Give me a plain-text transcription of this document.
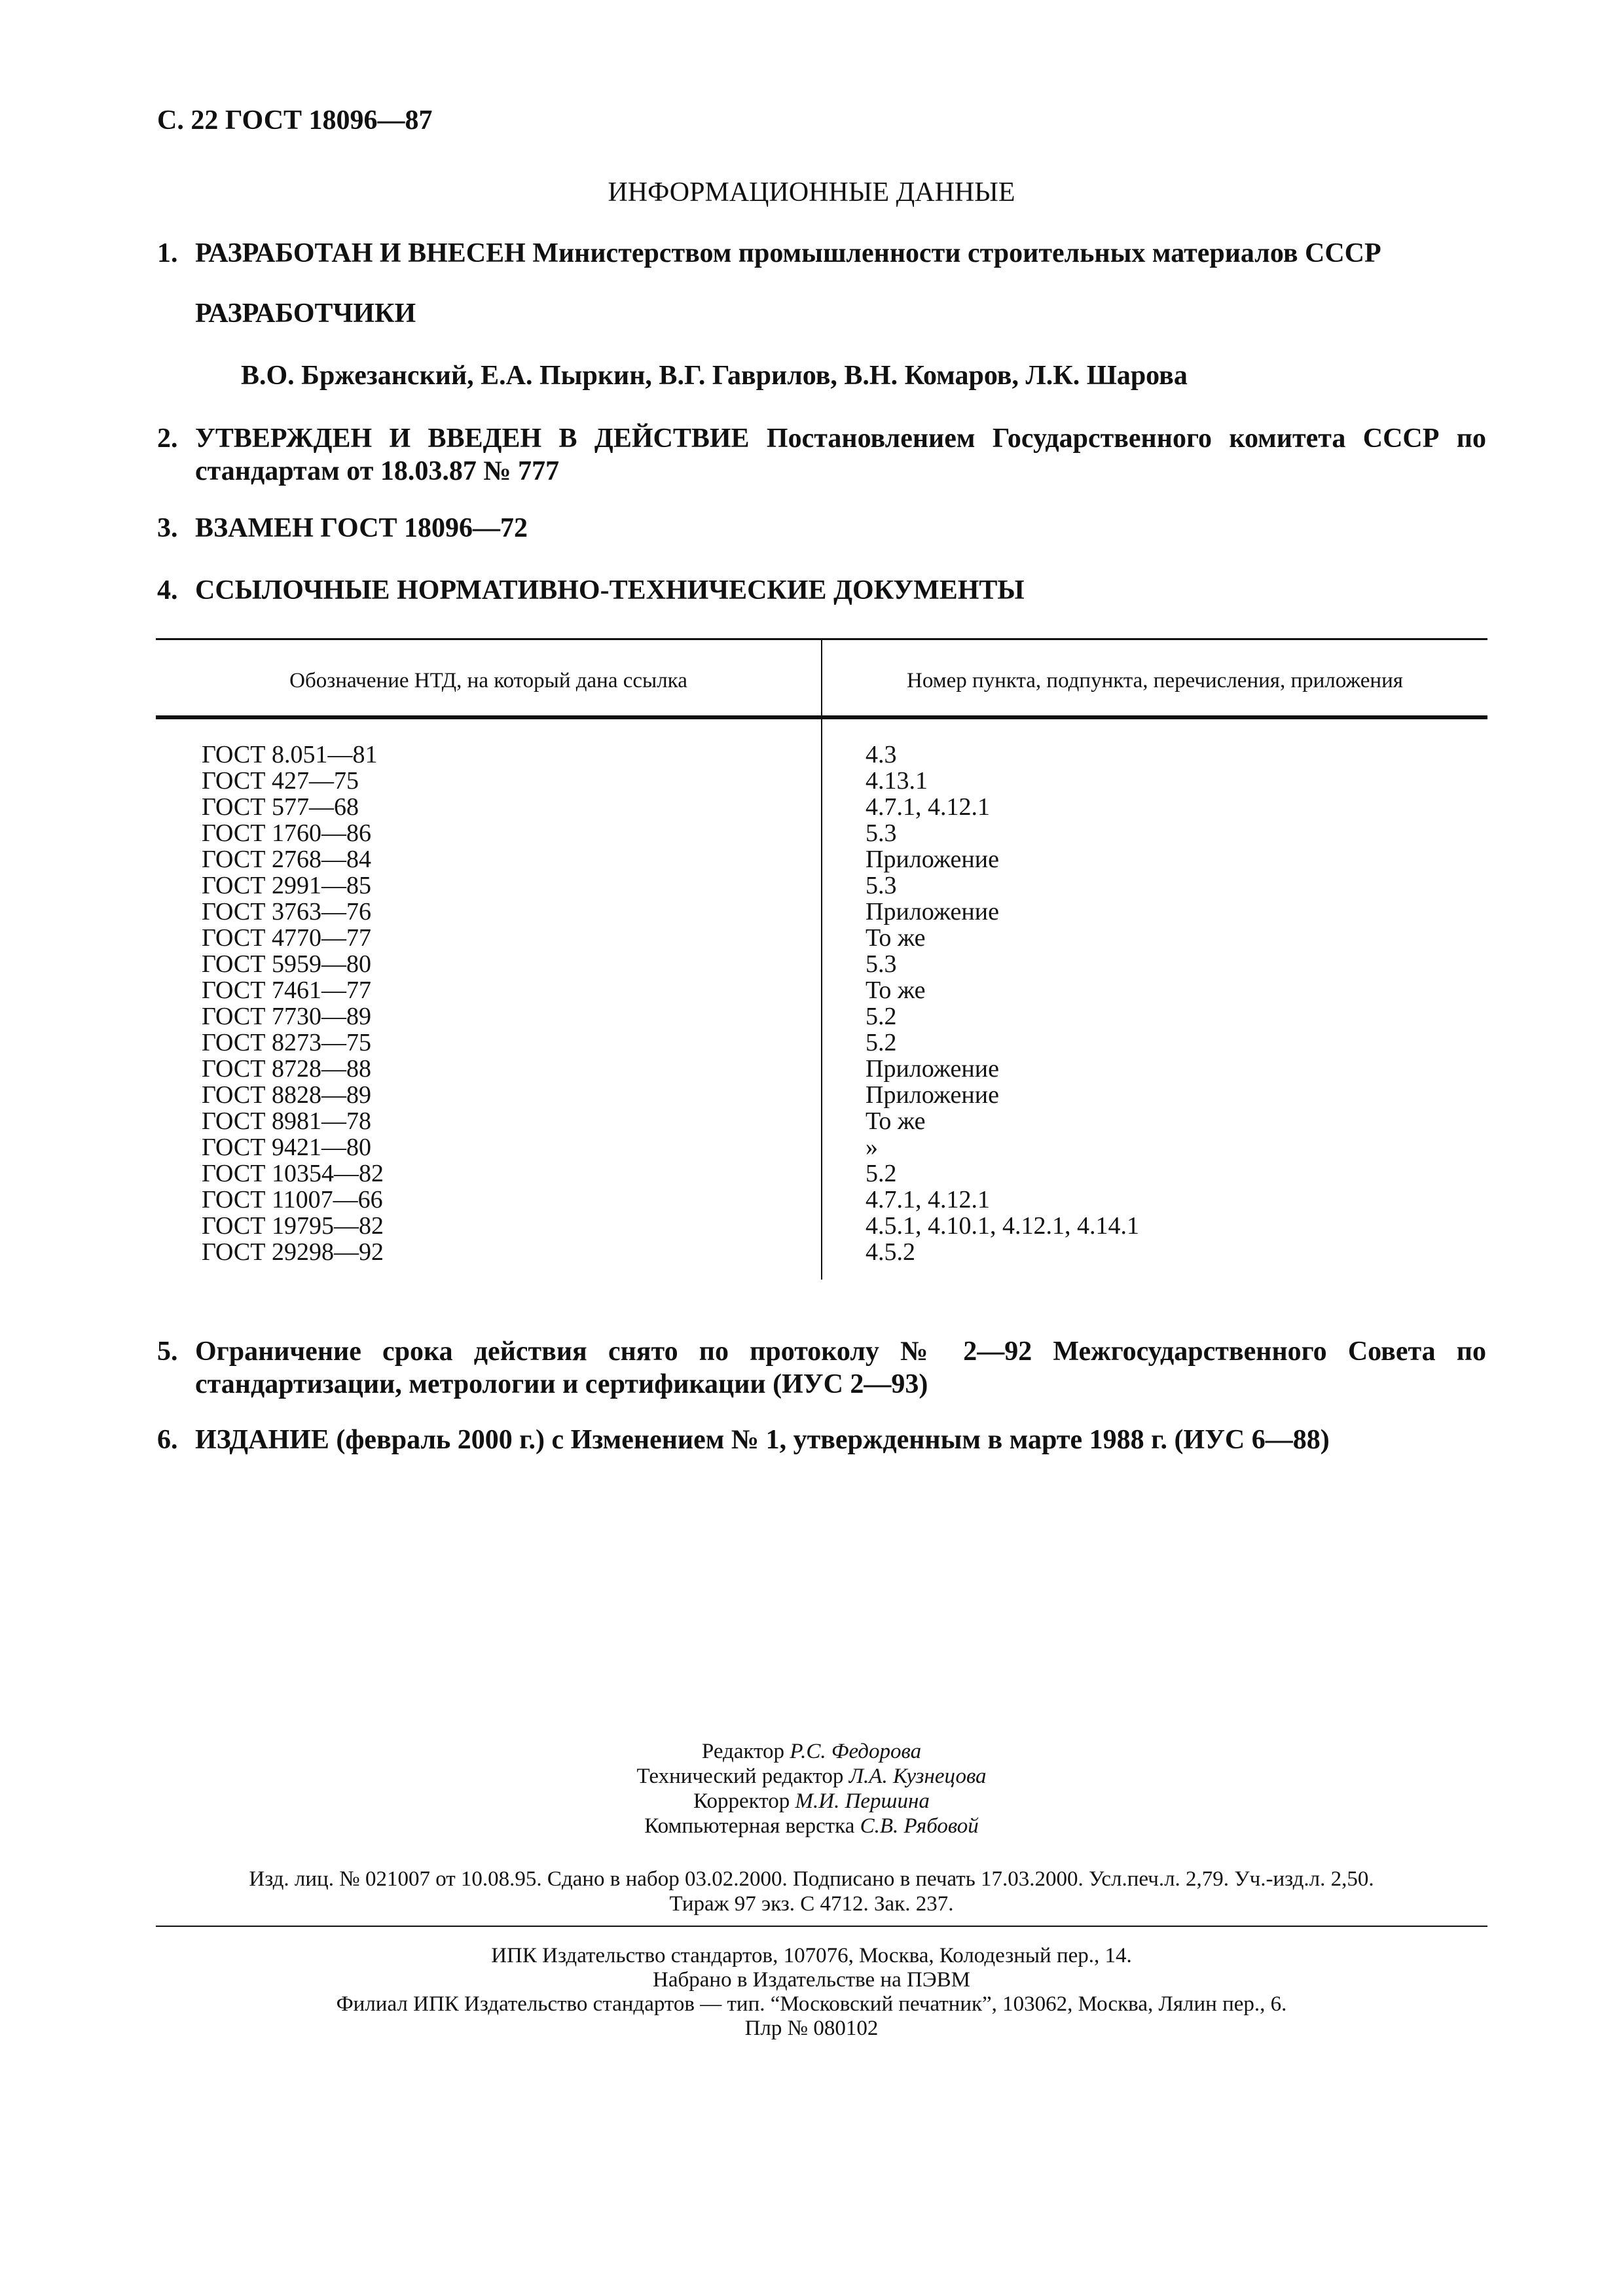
С. 22 ГОСТ 18096—87
ИНФОРМАЦИОННЫЕ ДАННЫЕ
1. РАЗРАБОТАН И ВНЕСЕН Министерством промышленности строительных материалов СССР
РАЗРАБОТЧИКИ
В.О. Бржезанский, Е.А. Пыркин, В.Г. Гаврилов, В.Н. Комаров, Л.К. Шарова
2. УТВЕРЖДЕН И ВВЕДЕН В ДЕЙСТВИЕ Постановлением Государственного комитета СССР по стандартам от 18.03.87 № 777
3. ВЗАМЕН ГОСТ 18096—72
4. ССЫЛОЧНЫЕ НОРМАТИВНО-ТЕХНИЧЕСКИЕ ДОКУМЕНТЫ
Обозначение НТД, на который дана ссылка	Номер пункта, подпункта, перечисления, приложения
ГОСТ 8.051—81
ГОСТ 427—75
ГОСТ 577—68
ГОСТ 1760—86
ГОСТ 2768—84
ГОСТ 2991—85
ГОСТ 3763—76
ГОСТ 4770—77
ГОСТ 5959—80
ГОСТ 7461—77
ГОСТ 7730—89
ГОСТ 8273—75
ГОСТ 8728—88
ГОСТ 8828—89
ГОСТ 8981—78
ГОСТ 9421—80
ГОСТ 10354—82
ГОСТ 11007—66
ГОСТ 19795—82
ГОСТ 29298—92
4.3
4.13.1
4.7.1, 4.12.1
5.3
Приложение
5.3
Приложение
То же
5.3
То же
5.2
5.2
Приложение
Приложение
То же
»
5.2
4.7.1, 4.12.1
4.5.1, 4.10.1, 4.12.1, 4.14.1
4.5.2
5. Ограничение срока действия снято по протоколу № 2—92 Межгосударственного Совета по стандартизации, метрологии и сертификации (ИУС 2—93)
6. ИЗДАНИЕ (февраль 2000 г.) с Изменением № 1, утвержденным в марте 1988 г. (ИУС 6—88)
Редактор Р.С. Федорова
Технический редактор Л.А. Кузнецова
Корректор М.И. Першина
Компьютерная верстка С.В. Рябовой
Изд. лиц. № 021007 от 10.08.95. Сдано в набор 03.02.2000. Подписано в печать 17.03.2000. Усл.печ.л. 2,79. Уч.-изд.л. 2,50.
Тираж 97 экз. С 4712. Зак. 237.
ИПК Издательство стандартов, 107076, Москва, Колодезный пер., 14.
Набрано в Издательстве на ПЭВМ
Филиал ИПК Издательство стандартов — тип. “Московский печатник”, 103062, Москва, Лялин пер., 6.
Плр № 080102
